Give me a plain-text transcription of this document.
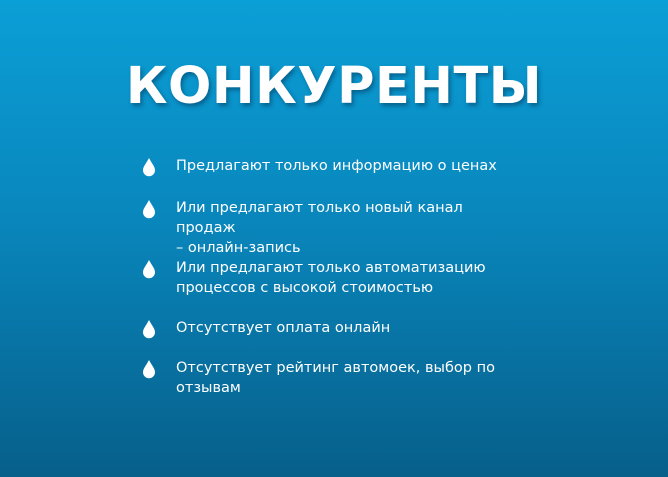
КОНКУРЕНТЫ
Предлагают только информацию о ценах
Или предлагают только новый канал продаж
– онлайн-запись
Или предлагают только автоматизацию
процессов с высокой стоимостью
Отсутствует оплата онлайн
Отсутствует рейтинг автомоек, выбор по
отзывам
